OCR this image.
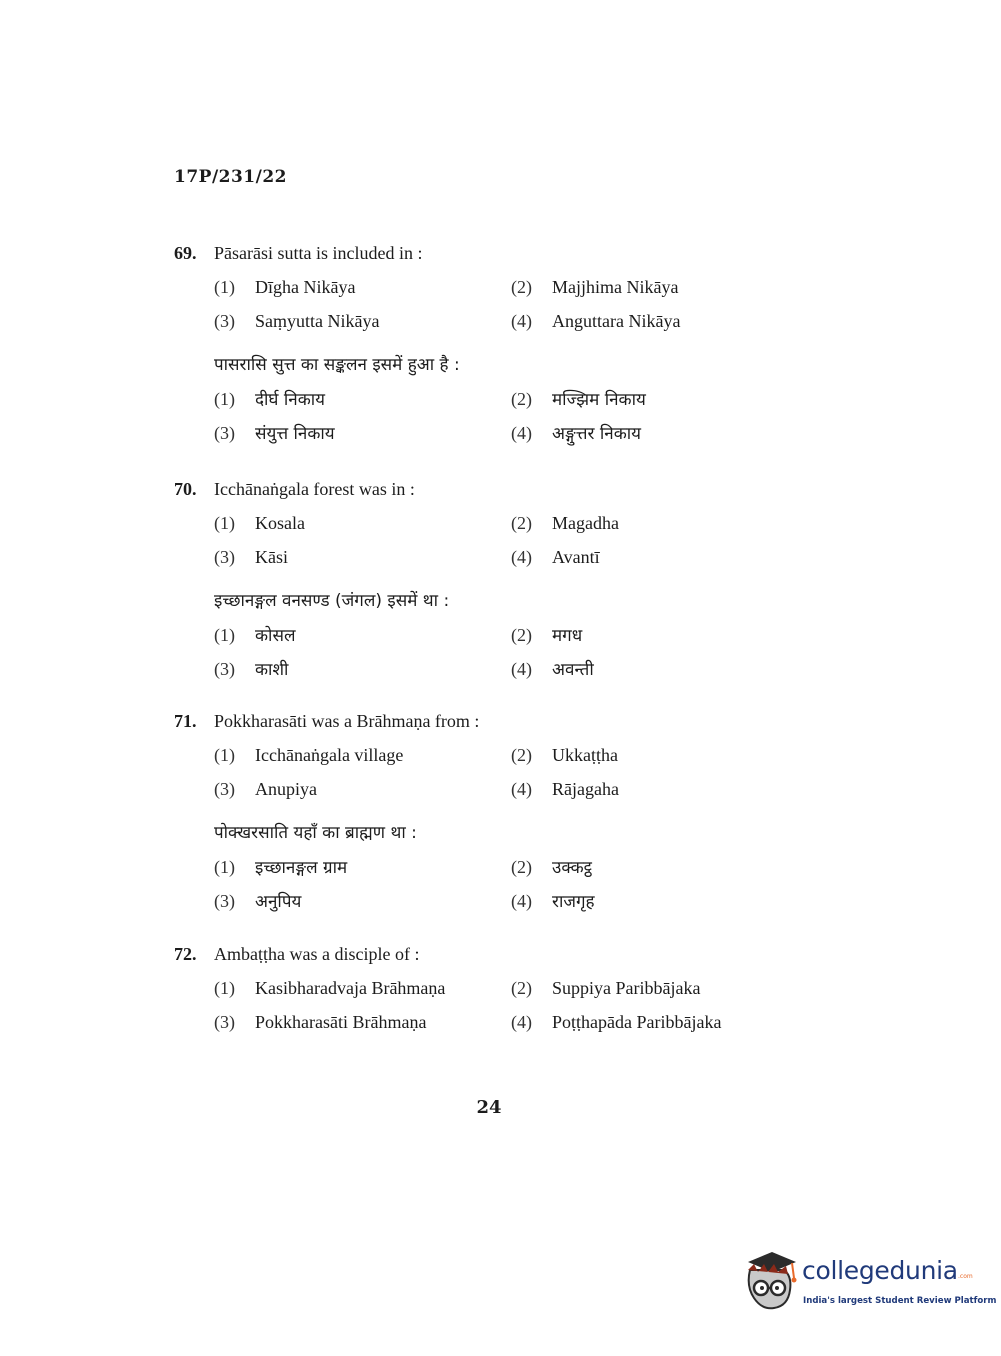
17P/231/22
69. Pāsarāsi sutta is included in :
(1) Dīgha Nikāya	(2) Majjhima Nikāya
(3) Saṃyutta Nikāya	(4) Anguttara Nikāya
पासरासि सुत्त का सङ्कलन इसमें हुआ है :
(1) दीर्घ निकाय	(2) मज्झिम निकाय
(3) संयुत्त निकाय	(4) अङ्गुत्तर निकाय
70. Icchānaṅgala forest was in :
(1) Kosala	(2) Magadha
(3) Kāsi	(4) Avantī
इच्छानङ्गल वनसण्ड (जंगल) इसमें था :
(1) कोसल	(2) मगध
(3) काशी	(4) अवन्ती
71. Pokkharasāti was a Brāhmaṇa from :
(1) Icchānaṅgala village	(2) Ukkaṭṭha
(3) Anupiya	(4) Rājagaha
पोक्खरसाति यहाँ का ब्राह्मण था :
(1) इच्छानङ्गल ग्राम	(2) उक्कट्ठ
(3) अनुपिय	(4) राजगृह
72. Ambaṭṭha was a disciple of :
(1) Kasibharadvaja Brāhmaṇa	(2) Suppiya Paribbājaka
(3) Pokkharasāti Brāhmaṇa	(4) Poṭṭhapāda Paribbājaka
24
collegedunia .com
India's largest Student Review Platform
